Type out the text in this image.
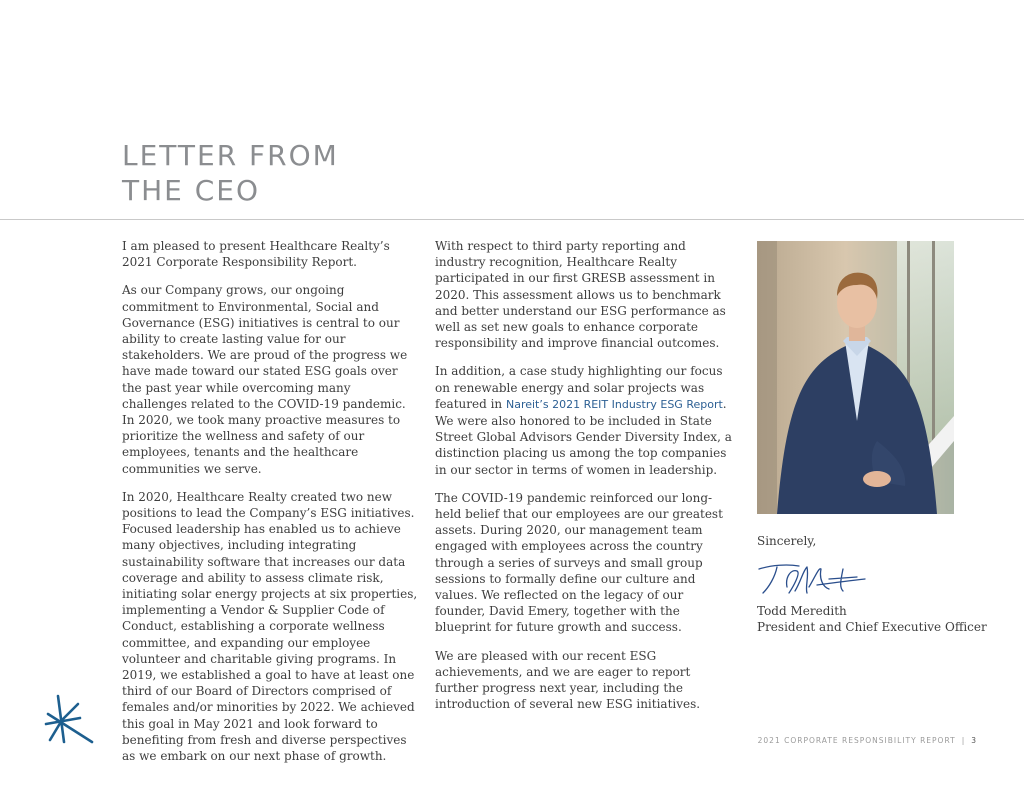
LETTER FROM
THE CEO

I am pleased to present Healthcare Realty’s 2021 Corporate Responsibility Report.

As our Company grows, our ongoing commitment to Environmental, Social and Governance (ESG) initiatives is central to our ability to create lasting value for our stakeholders. We are proud of the progress we have made toward our stated ESG goals over the past year while overcoming many challenges related to the COVID-19 pandemic. In 2020, we took many proactive measures to prioritize the wellness and safety of our employees, tenants and the healthcare communities we serve.

In 2020, Healthcare Realty created two new positions to lead the Company’s ESG initiatives. Focused leadership has enabled us to achieve many objectives, including integrating sustainability software that increases our data coverage and ability to assess climate risk, initiating solar energy projects at six properties, implementing a Vendor & Supplier Code of Conduct, establishing a corporate wellness committee, and expanding our employee volunteer and charitable giving programs. In 2019, we established a goal to have at least one third of our Board of Directors comprised of females and/or minorities by 2022. We achieved this goal in May 2021 and look forward to benefiting from fresh and diverse perspectives as we embark on our next phase of growth.

With respect to third party reporting and industry recognition, Healthcare Realty participated in our first GRESB assessment in 2020. This assessment allows us to benchmark and better understand our ESG performance as well as set new goals to enhance corporate responsibility and improve financial outcomes.

In addition, a case study highlighting our focus on renewable energy and solar projects was featured in Nareit’s 2021 REIT Industry ESG Report. We were also honored to be included in State Street Global Advisors Gender Diversity Index, a distinction placing us among the top companies in our sector in terms of women in leadership.

The COVID-19 pandemic reinforced our long-held belief that our employees are our greatest assets. During 2020, our management team engaged with employees across the country through a series of surveys and small group sessions to formally define our culture and values. We reflected on the legacy of our founder, David Emery, together with the blueprint for future growth and success.

We are pleased with our recent ESG achievements, and we are eager to report further progress next year, including the introduction of several new ESG initiatives.

Sincerely,
Todd Meredith
President and Chief Executive Officer
2021 CORPORATE RESPONSIBILITY REPORT | 3
